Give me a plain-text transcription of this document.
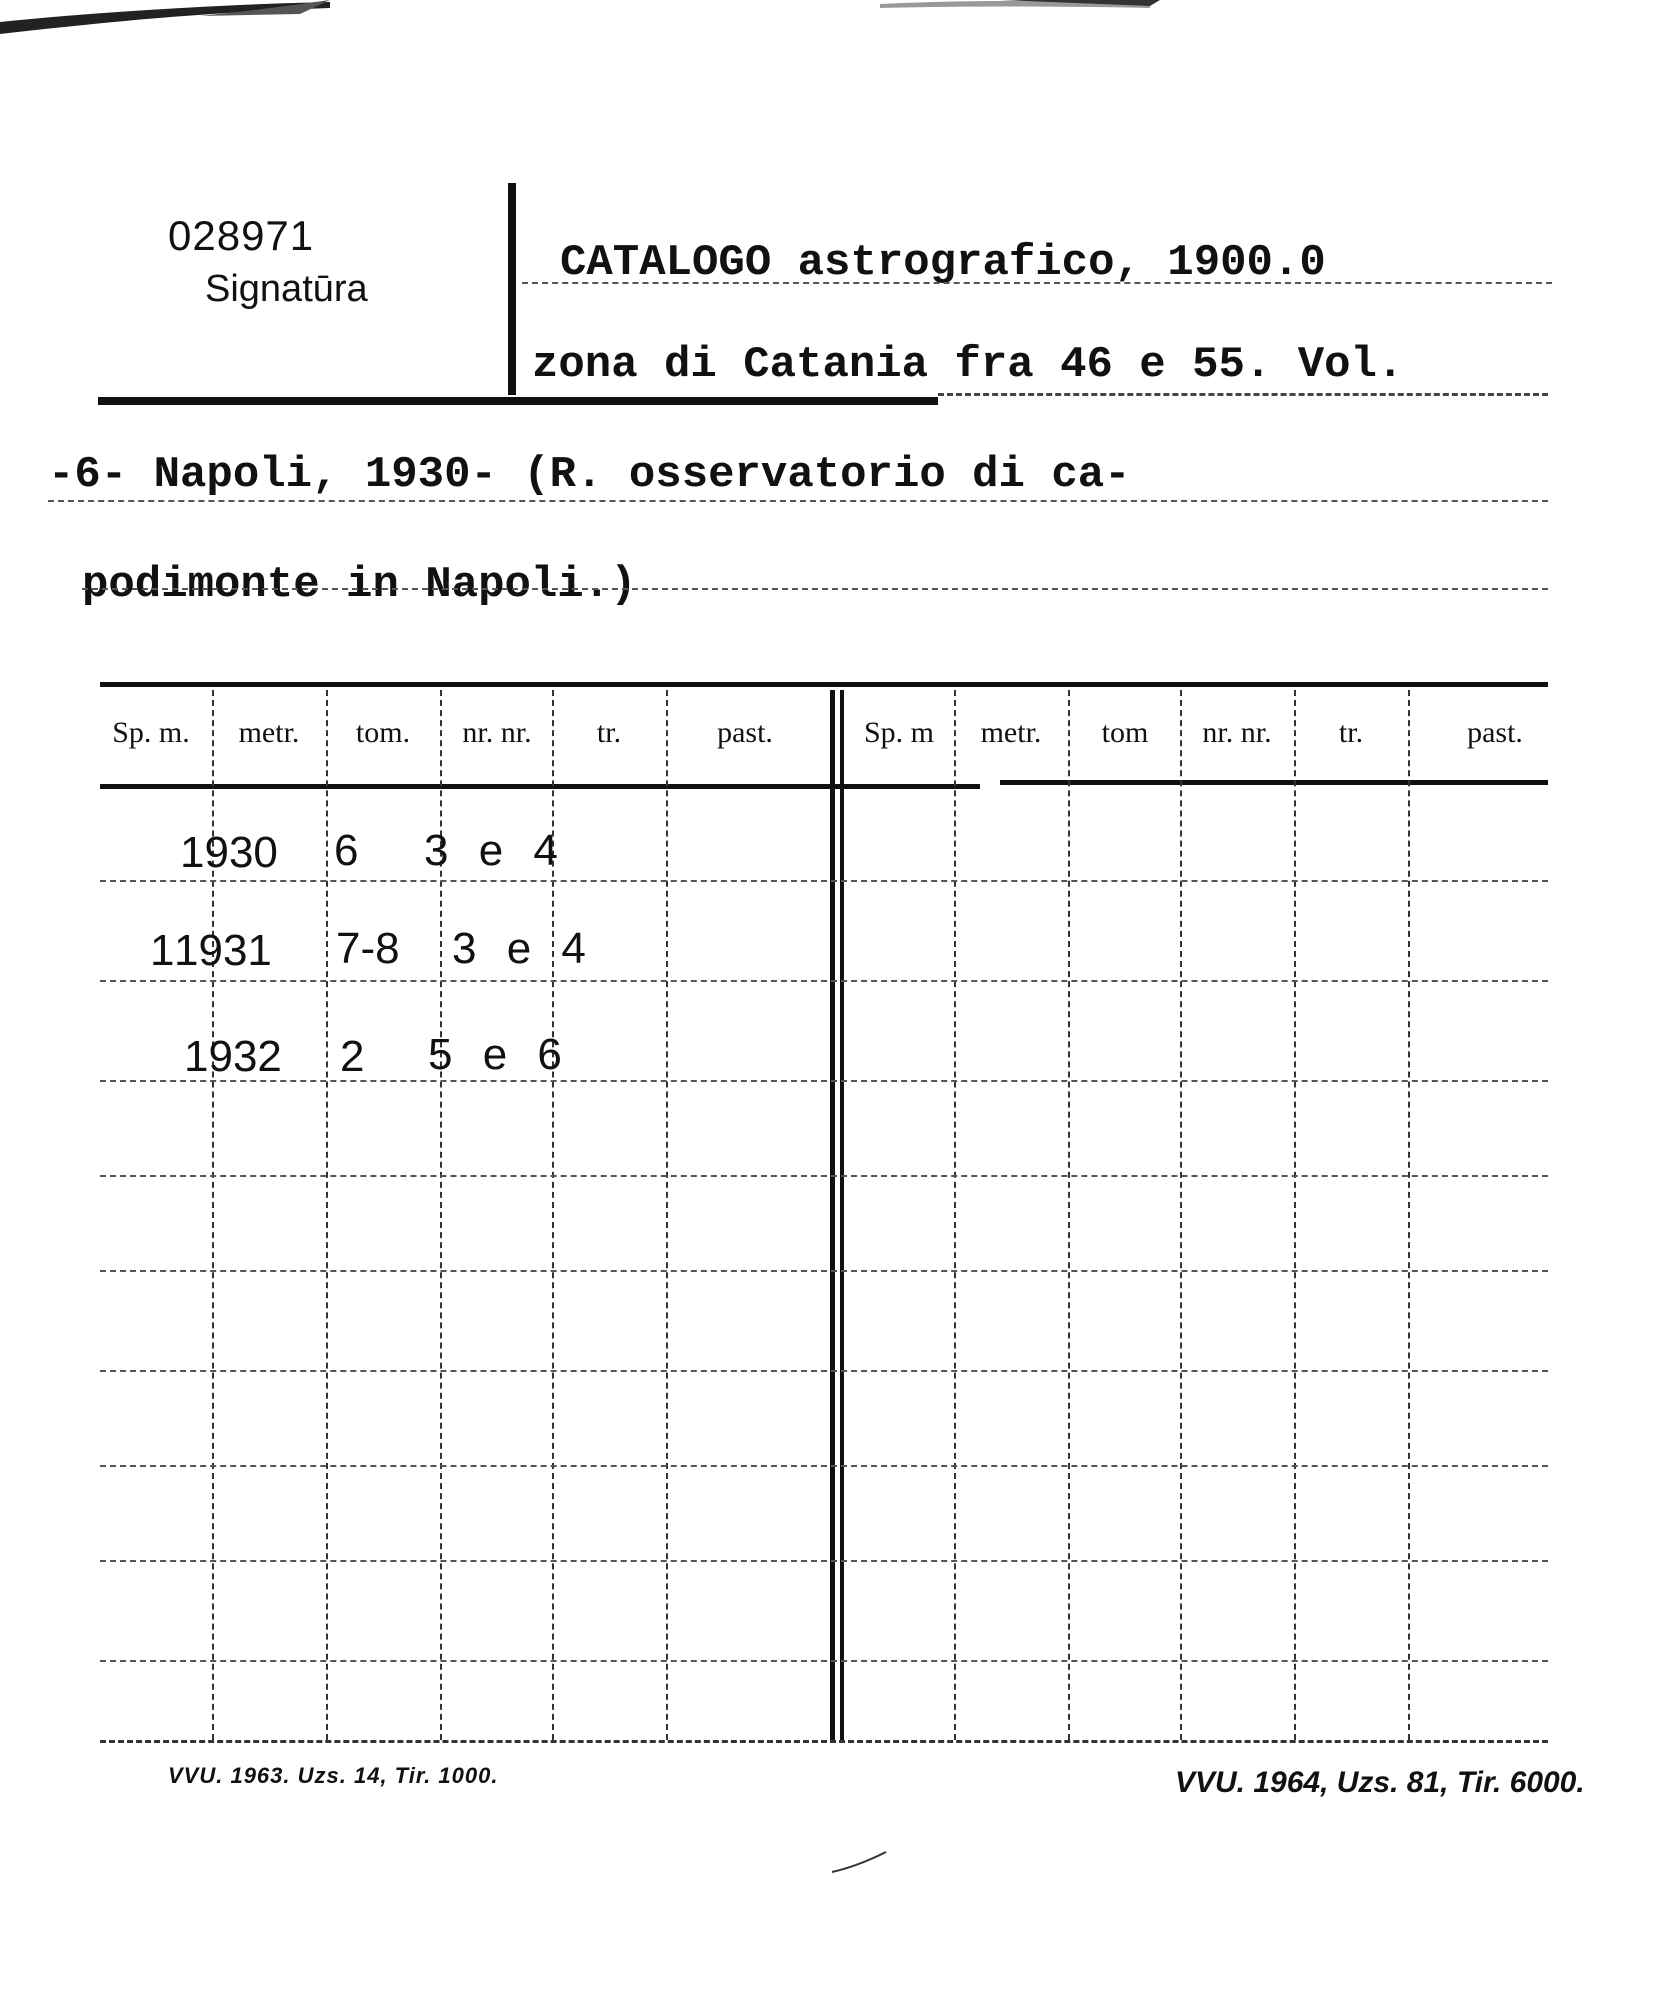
028971
Signatūra
CATALOGO astrografico, 1900.0
zona di Catania fra 46 e 55. Vol.
-6- Napoli, 1930- (R. osservatorio di ca-
podimonte in Napoli.)
Sp. m.	metr.	tom.	nr. nr.	tr.	past.	Sp. m	metr.	tom	nr. nr.	tr.	past.
1930 6 3 e 4
1 1931 7-8 3 e 4
1932 2 5 e 6
VVU. 1963. Uzs. 14, Tir. 1000.	VVU. 1964, Uzs. 81, Tir. 6000.
